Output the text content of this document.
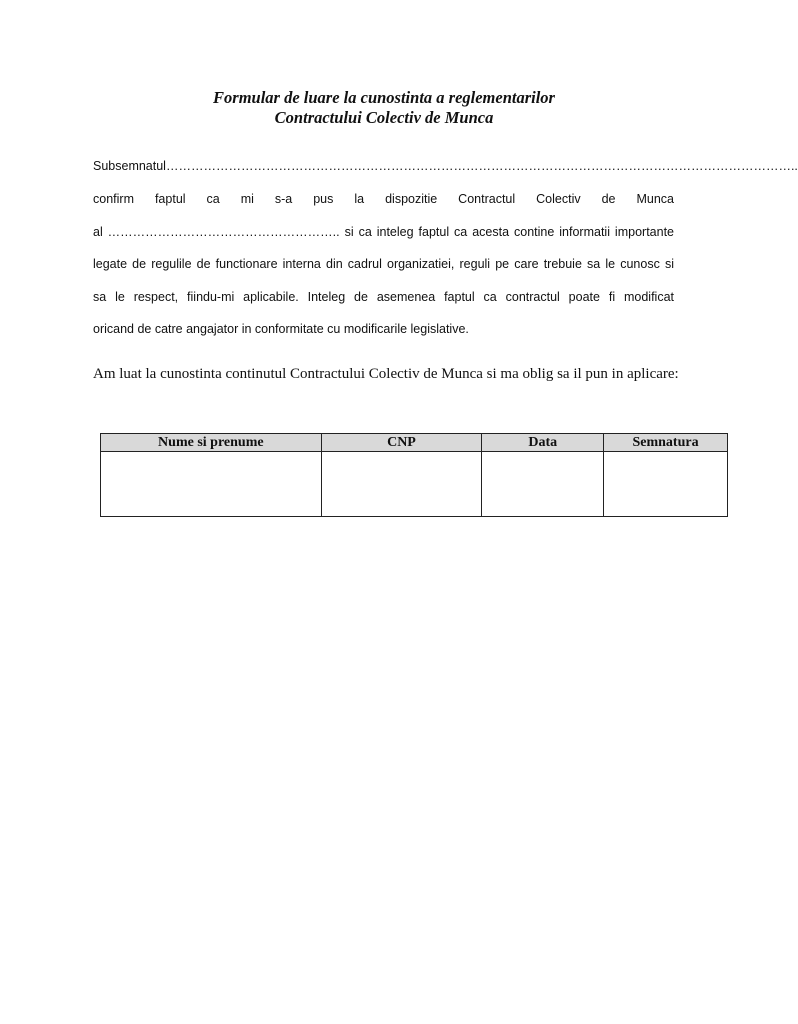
Formular de luare la cunostinta a reglementarilor
Contractului Colectiv de Munca
Subsemnatul……………………………………………………………………………………………………………………………………..
confirm faptul ca mi s-a pus la dispozitie Contractul Colectiv de Munca
al ……………………………………………….. si ca inteleg faptul ca acesta contine informatii importante
legate de regulile de functionare interna din cadrul organizatiei, reguli pe care trebuie sa le cunosc si
sa le respect, fiindu-mi aplicabile. Inteleg de asemenea faptul ca contractul poate fi modificat
oricand de catre angajator in conformitate cu modificarile legislative.
Am luat la cunostinta continutul Contractului Colectiv de Munca si ma oblig sa il pun in aplicare:
Nume si prenume	CNP	Data	Semnatura
